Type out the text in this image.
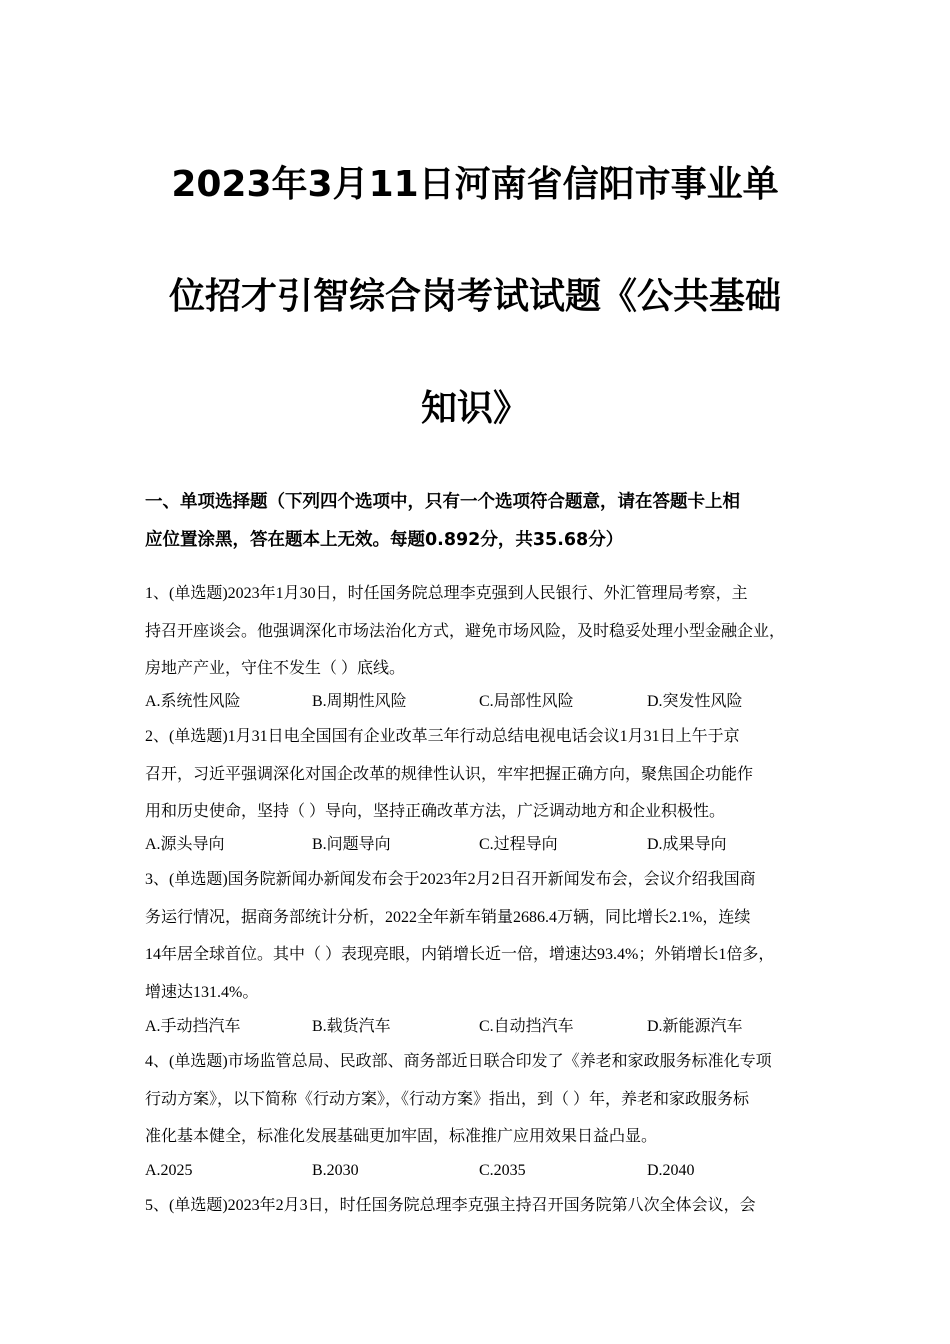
2023年3月11日河南省信阳市事业单
位招才引智综合岗考试试题《公共基础
知识》
一、单项选择题（下列四个选项中，只有一个选项符合题意，请在答题卡上相
应位置涂黑，答在题本上无效。每题0.892分，共35.68分）
1、(单选题)2023年1月30日，时任国务院总理李克强到人民银行、外汇管理局考察，主
持召开座谈会。他强调深化市场法治化方式，避免市场风险，及时稳妥处理小型金融企业，
房地产产业，守住不发生（ ）底线。
A.系统性风险	B.周期性风险	C.局部性风险	D.突发性风险
2、(单选题)1月31日电全国国有企业改革三年行动总结电视电话会议1月31日上午于京
召开，习近平强调深化对国企改革的规律性认识，牢牢把握正确方向，聚焦国企功能作
用和历史使命，坚持（ ）导向，坚持正确改革方法，广泛调动地方和企业积极性。
A.源头导向	B.问题导向	C.过程导向	D.成果导向
3、(单选题)国务院新闻办新闻发布会于2023年2月2日召开新闻发布会，会议介绍我国商
务运行情况，据商务部统计分析，2022全年新车销量2686.4万辆，同比增长2.1%，连续
14年居全球首位。其中（ ）表现亮眼，内销增长近一倍，增速达93.4%；外销增长1倍多，
增速达131.4%。
A.手动挡汽车	B.载货汽车	C.自动挡汽车	D.新能源汽车
4、(单选题)市场监管总局、民政部、商务部近日联合印发了《养老和家政服务标准化专项
行动方案》，以下简称《行动方案》，《行动方案》指出，到（ ）年，养老和家政服务标
准化基本健全，标准化发展基础更加牢固，标准推广应用效果日益凸显。
A.2025	B.2030	C.2035	D.2040
5、(单选题)2023年2月3日，时任国务院总理李克强主持召开国务院第八次全体会议，会
